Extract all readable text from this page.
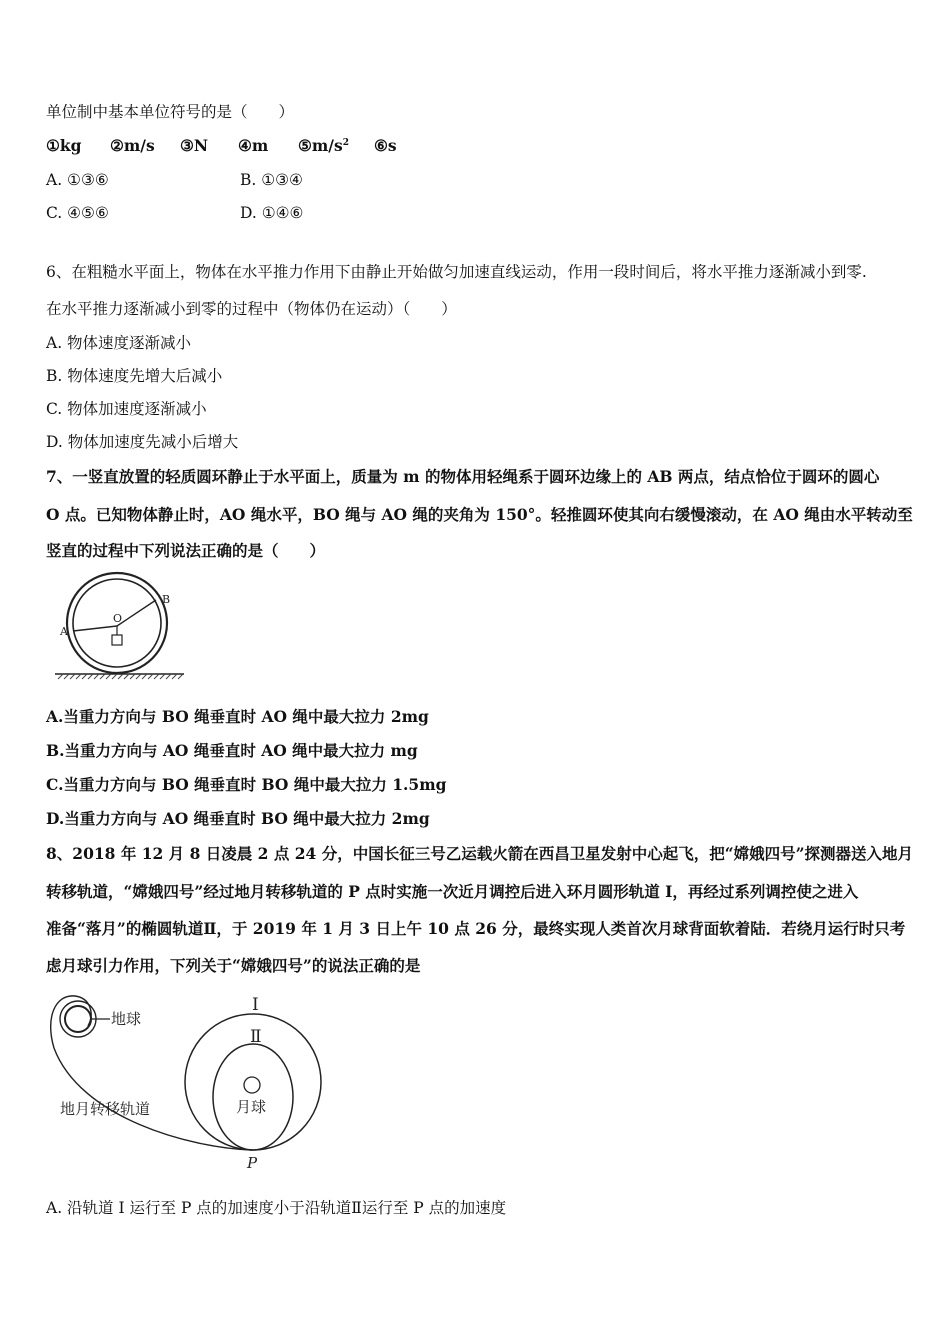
单位制中基本单位符号的是（　　）
①kg ②m/s ③N ④m $⑤m/s^2$ ⑥s
A. ①③⑥	B. ①③④
C. ④⑤⑥	D. ①④⑥
6、在粗糙水平面上，物体在水平推力作用下由静止开始做匀加速直线运动，作用一段时间后，将水平推力逐渐减小到零.
在水平推力逐渐减小到零的过程中（物体仍在运动）（　　）
A. 物体速度逐渐减小
B. 物体速度先增大后减小
C. 物体加速度逐渐减小
D. 物体加速度先减小后增大
7、一竖直放置的轻质圆环静止于水平面上，质量为 m 的物体用轻绳系于圆环边缘上的 AB 两点，结点恰位于圆环的圆心
O 点。已知物体静止时，AO 绳水平，BO 绳与 AO 绳的夹角为 150°。轻推圆环使其向右缓慢滚动，在 AO 绳由水平转动至
竖直的过程中下列说法正确的是（　　）
A
B
O
A.当重力方向与 BO 绳垂直时 AO 绳中最大拉力 2mg
B.当重力方向与 AO 绳垂直时 AO 绳中最大拉力 mg
C.当重力方向与 BO 绳垂直时 BO 绳中最大拉力 1.5mg
D.当重力方向与 AO 绳垂直时 BO 绳中最大拉力 2mg
8、2018 年 12 月 8 日凌晨 2 点 24 分，中国长征三号乙运载火箭在西昌卫星发射中心起飞，把“嫦娥四号”探测器送入地月
转移轨道，“嫦娥四号”经过地月转移轨道的 P 点时实施一次近月调控后进入环月圆形轨道 I，再经过系列调控使之进入
准备“落月”的椭圆轨道Ⅱ，于 2019 年 1 月 3 日上午 10 点 26 分，最终实现人类首次月球背面软着陆．若绕月运行时只考
虑月球引力作用，下列关于“嫦娥四号”的说法正确的是
地球
地月转移轨道
I
Ⅱ
月球
P
A. 沿轨道 I 运行至 P 点的加速度小于沿轨道Ⅱ运行至 P 点的加速度
